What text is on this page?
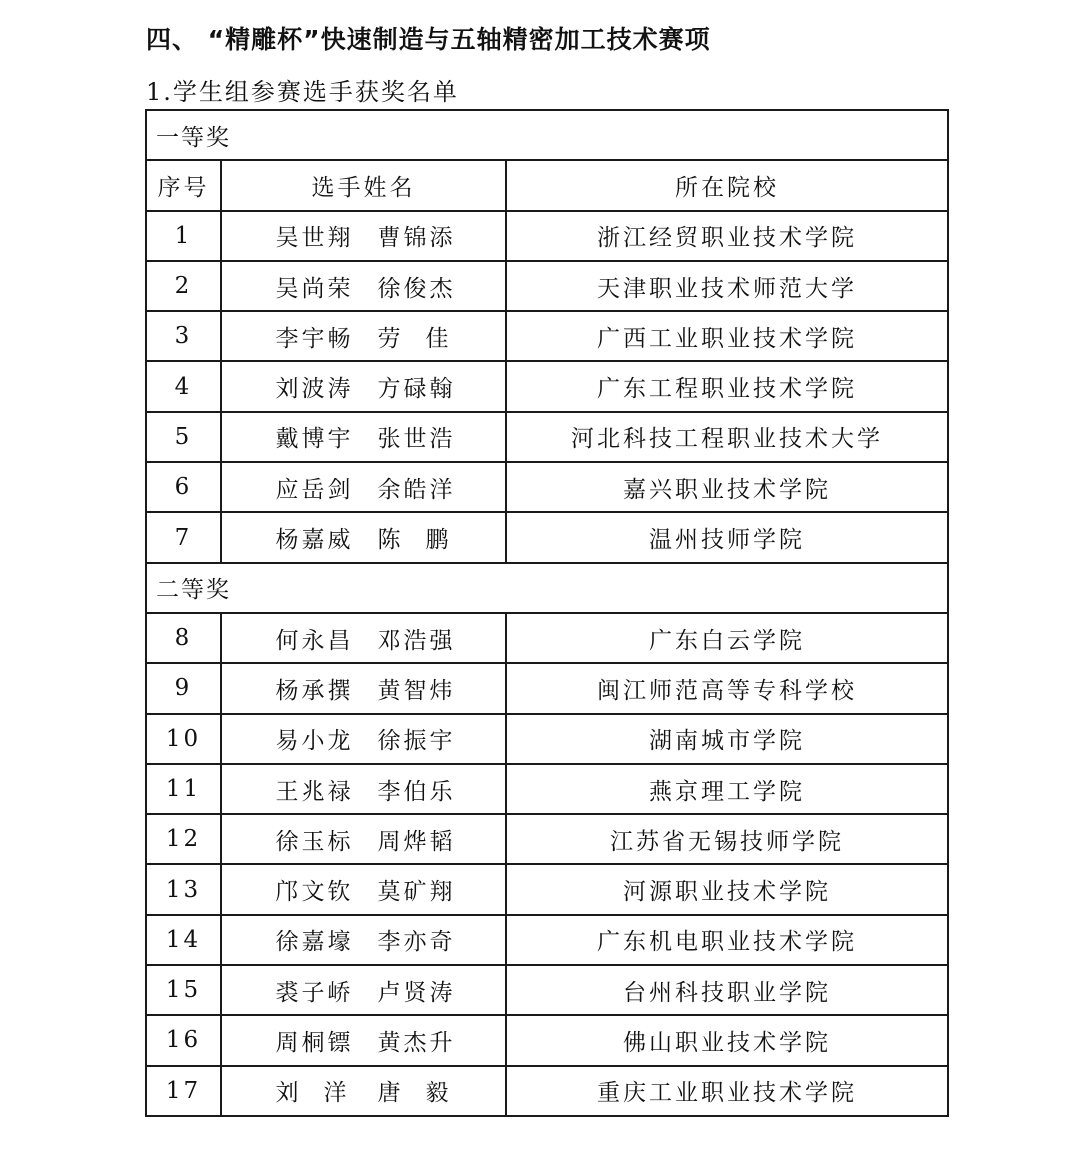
四、 “精雕杯”快速制造与五轴精密加工技术赛项
1.学生组参赛选手获奖名单
一等奖		
序号	选手姓名	所在院校
1	吴世翔 曹锦添	浙江经贸职业技术学院
2	吴尚荣 徐俊杰	天津职业技术师范大学
3	李宇畅 劳佳	广西工业职业技术学院
4	刘波涛 方碌翰	广东工程职业技术学院
5	戴博宇 张世浩	河北科技工程职业技术大学
6	应岳剑 余皓洋	嘉兴职业技术学院
7	杨嘉威 陈鹏	温州技师学院
二等奖		
8	何永昌 邓浩强	广东白云学院
9	杨承撰 黄智炜	闽江师范高等专科学校
10	易小龙 徐振宇	湖南城市学院
11	王兆禄 李伯乐	燕京理工学院
12	徐玉标 周烨韬	江苏省无锡技师学院
13	邝文钦 莫矿翔	河源职业技术学院
14	徐嘉壕 李亦奇	广东机电职业技术学院
15	裘子峤 卢贤涛	台州科技职业学院
16	周桐镖 黄杰升	佛山职业技术学院
17	刘洋 唐毅	重庆工业职业技术学院
